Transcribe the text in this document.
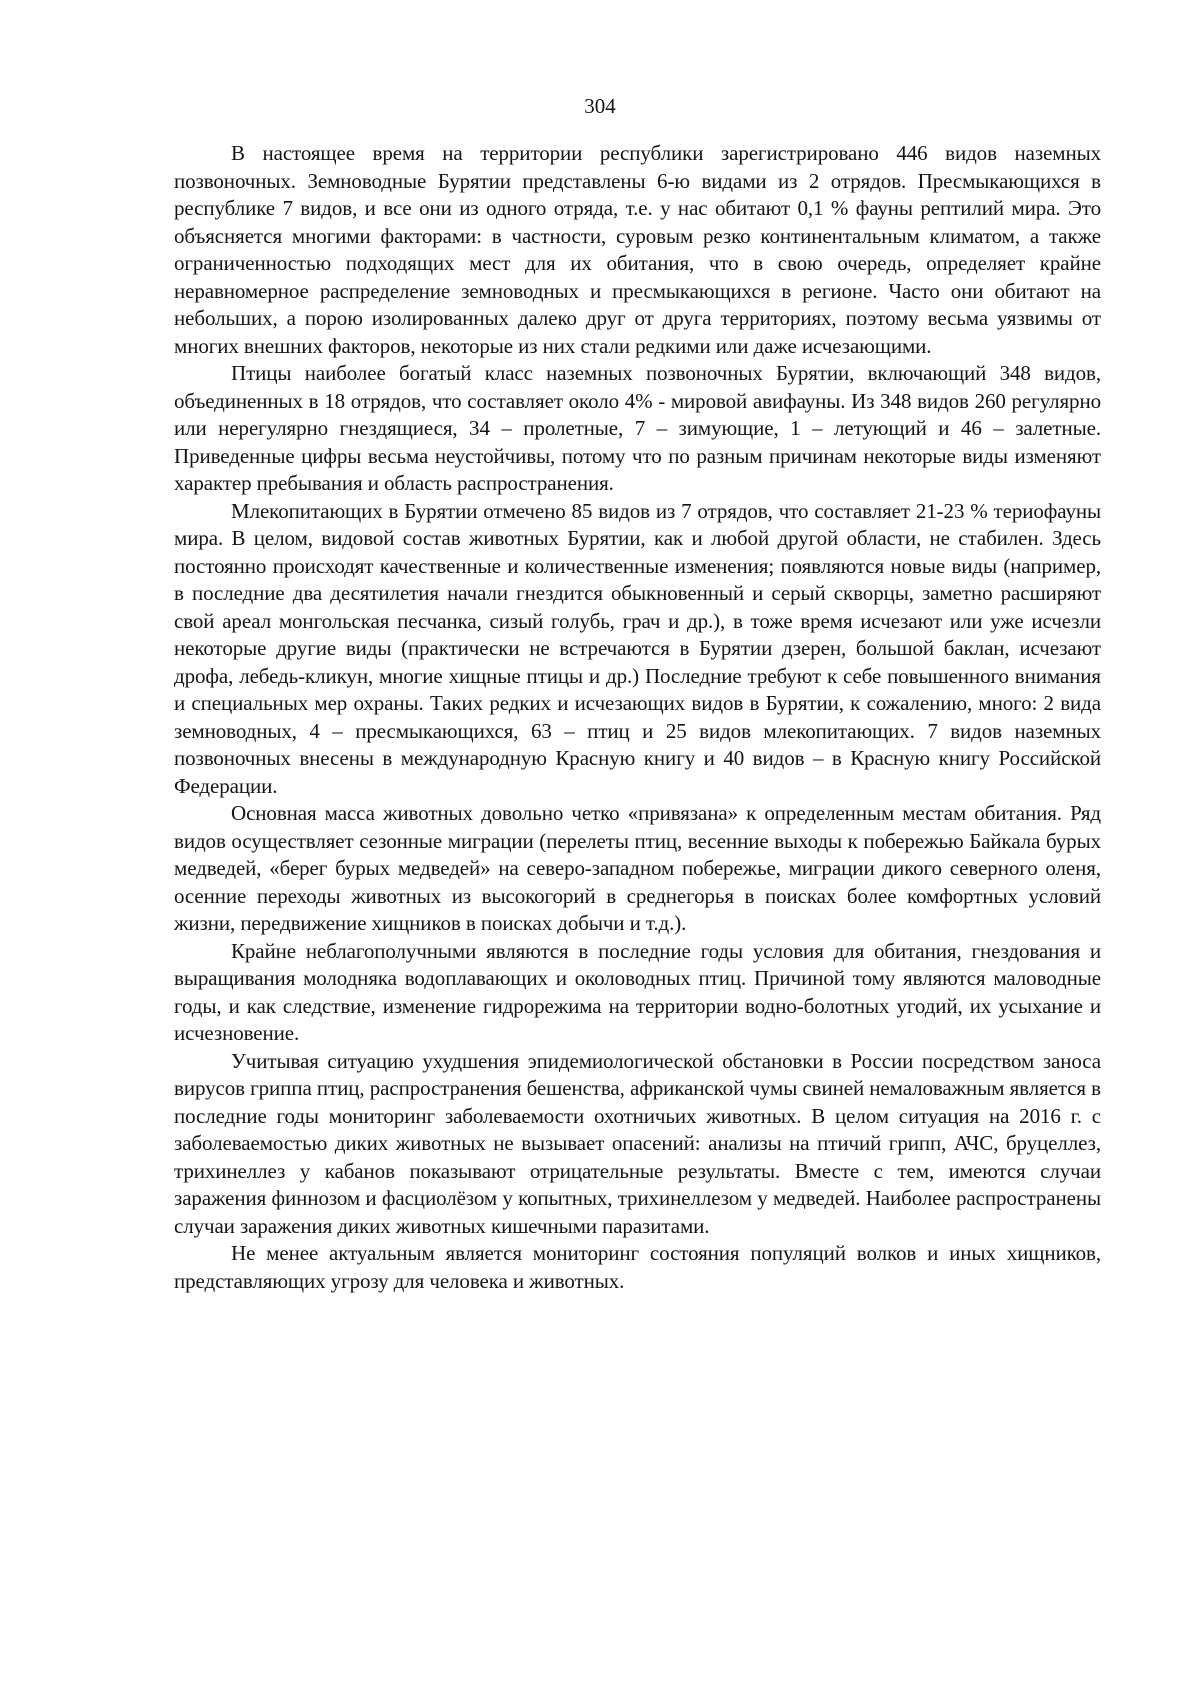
304

В настоящее время на территории республики зарегистрировано 446 видов наземных позвоночных. Земноводные Бурятии представлены 6-ю видами из 2 отрядов. Пресмыкающихся в республике 7 видов, и все они из одного отряда, т.е. у нас обитают 0,1 % фауны рептилий мира. Это объясняется многими факторами: в частности, суровым резко континентальным климатом, а также ограниченностью подходящих мест для их обитания, что в свою очередь, определяет крайне неравномерное распределение земноводных и пресмыкающихся в регионе. Часто они обитают на небольших, а порою изолированных далеко друг от друга территориях, поэтому весьма уязвимы от многих внешних факторов, некоторые из них стали редкими или даже исчезающими.

Птицы наиболее богатый класс наземных позвоночных Бурятии, включающий 348 видов, объединенных в 18 отрядов, что составляет около 4% - мировой авифауны. Из 348 видов 260 регулярно или нерегулярно гнездящиеся, 34 – пролетные, 7 – зимующие, 1 – летующий и 46 – залетные. Приведенные цифры весьма неустойчивы, потому что по разным причинам некоторые виды изменяют характер пребывания и область распространения.

Млекопитающих в Бурятии отмечено 85 видов из 7 отрядов, что составляет 21-23 % териофауны мира. В целом, видовой состав животных Бурятии, как и любой другой области, не стабилен. Здесь постоянно происходят качественные и количественные изменения; появляются новые виды (например, в последние два десятилетия начали гнездится обыкновенный и серый скворцы, заметно расширяют свой ареал монгольская песчанка, сизый голубь, грач и др.), в тоже время исчезают или уже исчезли некоторые другие виды (практически не встречаются в Бурятии дзерен, большой баклан, исчезают дрофа, лебедь-кликун, многие хищные птицы и др.) Последние требуют к себе повышенного внимания и специальных мер охраны. Таких редких и исчезающих видов в Бурятии, к сожалению, много: 2 вида земноводных, 4 – пресмыкающихся, 63 – птиц и 25 видов млекопитающих. 7 видов наземных позвоночных внесены в международную Красную книгу и 40 видов – в Красную книгу Российской Федерации.

Основная масса животных довольно четко «привязана» к определенным местам обитания. Ряд видов осуществляет сезонные миграции (перелеты птиц, весенние выходы к побережью Байкала бурых медведей, «берег бурых медведей» на северо-западном побережье, миграции дикого северного оленя, осенние переходы животных из высокогорий в среднегорья в поисках более комфортных условий жизни, передвижение хищников в поисках добычи и т.д.).

Крайне неблагополучными являются в последние годы условия для обитания, гнездования и выращивания молодняка водоплавающих и околоводных птиц. Причиной тому являются маловодные годы, и как следствие, изменение гидрорежима на территории водно-болотных угодий, их усыхание и исчезновение.

Учитывая ситуацию ухудшения эпидемиологической обстановки в России посредством заноса вирусов гриппа птиц, распространения бешенства, африканской чумы свиней немаловажным является в последние годы мониторинг заболеваемости охотничьих животных. В целом ситуация на 2016 г. с заболеваемостью диких животных не вызывает опасений: анализы на птичий грипп, АЧС, бруцеллез, трихинеллез у кабанов показывают отрицательные результаты. Вместе с тем, имеются случаи заражения финнозом и фасциолёзом у копытных, трихинеллезом у медведей. Наиболее распространены случаи заражения диких животных кишечными паразитами.

Не менее актуальным является мониторинг состояния популяций волков и иных хищников, представляющих угрозу для человека и животных.
